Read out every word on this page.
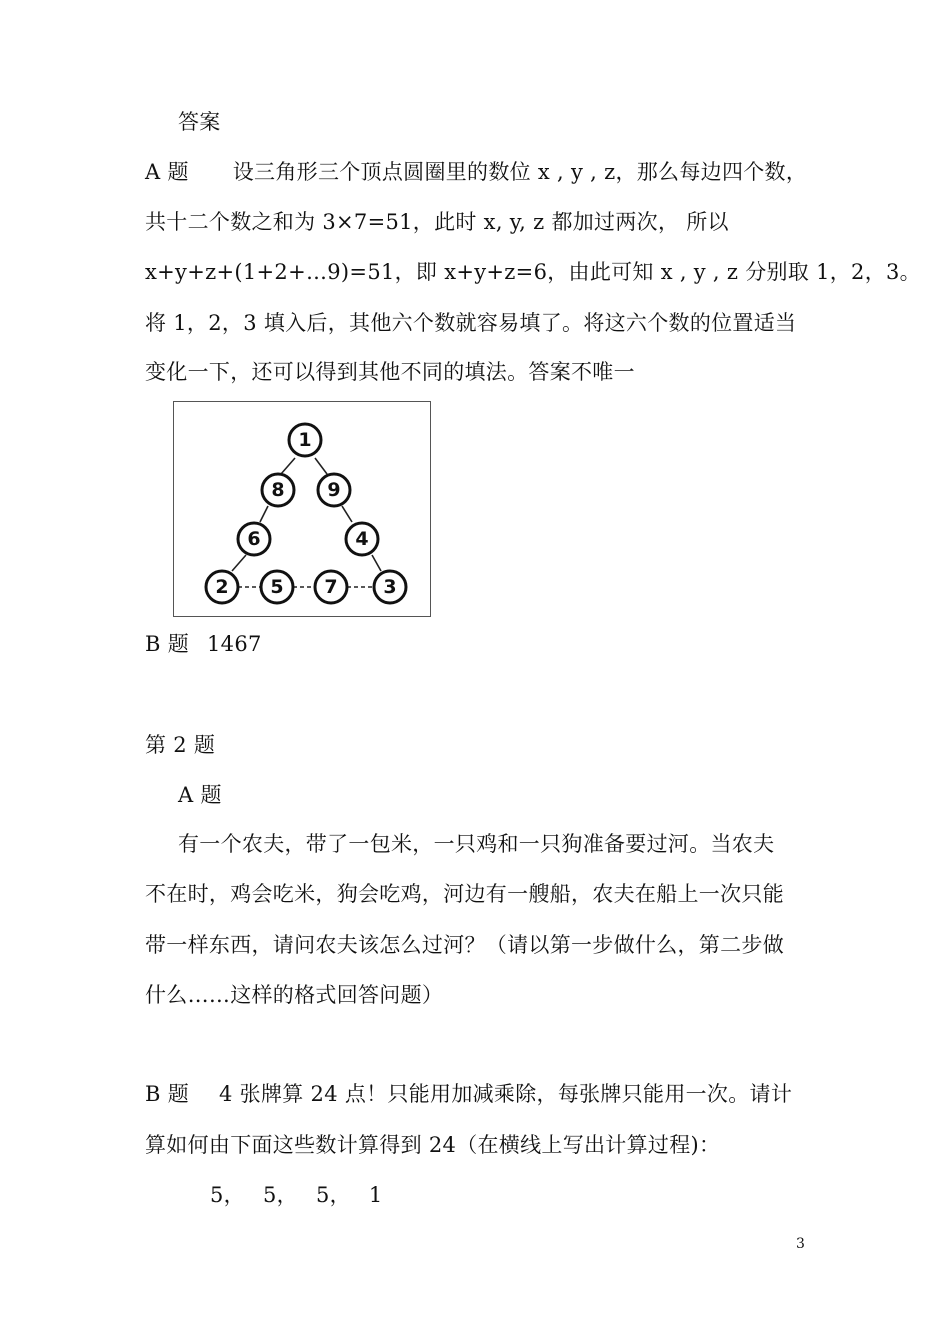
答案
A 题 设三角形三个顶点圆圈里的数位 x , y , z，那么每边四个数，
共十二个数之和为 3×7=51，此时 x, y, z 都加过两次， 所以
x+y+z+(1+2+…9)=51，即 x+y+z=6，由此可知 x , y , z 分别取 1，2，3。
将 1，2，3 填入后，其他六个数就容易填了。将这六个数的位置适当
变化一下，还可以得到其他不同的填法。答案不唯一
1
8 9
6	4
2 5 7 3
B 题 1467
第 2 题
A 题
有一个农夫，带了一包米，一只鸡和一只狗准备要过河。当农夫
不在时，鸡会吃米，狗会吃鸡，河边有一艘船，农夫在船上一次只能
带一样东西，请问农夫该怎么过河？（请以第一步做什么，第二步做
什么……这样的格式回答问题）
B 题 4 张牌算 24 点！只能用加减乘除，每张牌只能用一次。请计
算如何由下面这些数计算得到 24（在横线上写出计算过程)：
5， 5， 5， 1
3
